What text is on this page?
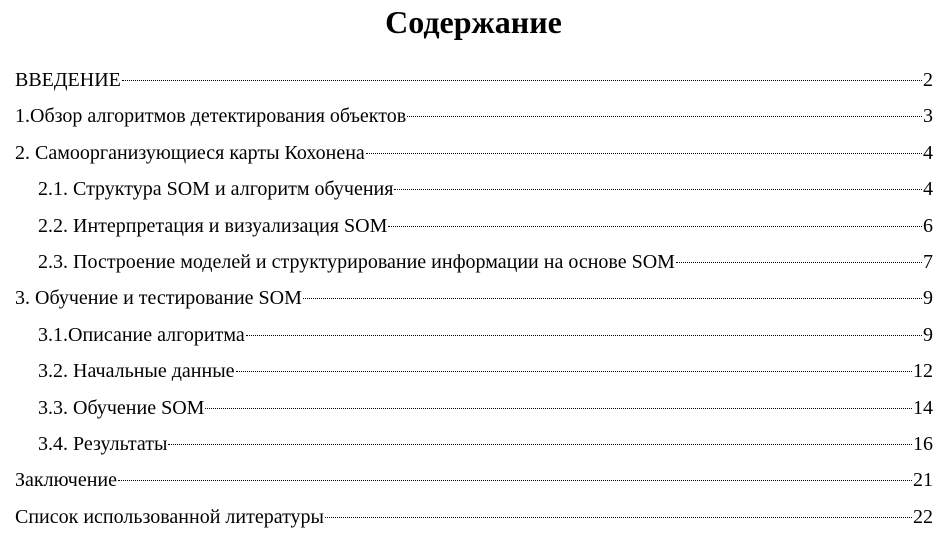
Содержание
ВВЕДЕНИЕ	2
1.Обзор алгоритмов детектирования объектов	3
2. Самоорганизующиеся карты Кохонена	4
2.1. Структура SOM и алгоритм обучения	4
2.2. Интерпретация и визуализация SOM	6
2.3. Построение моделей и структурирование информации на основе SOM	7
3. Обучение и тестирование SOM	9
3.1.Описание алгоритма	9
3.2. Начальные данные	12
3.3. Обучение SOM	14
3.4. Результаты	16
Заключение	21
Список использованной литературы	22
